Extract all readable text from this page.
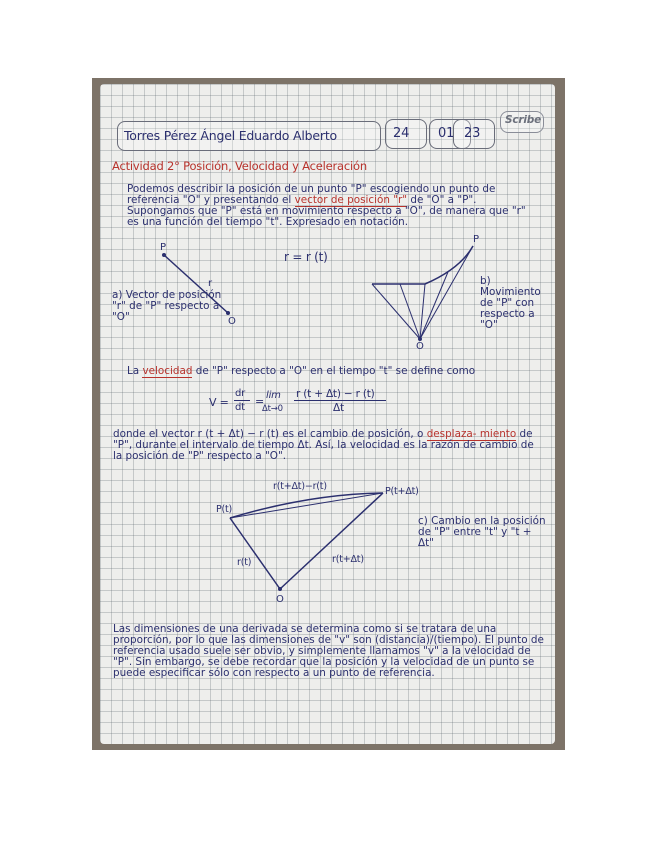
Torres Pérez Ángel Eduardo Alberto	24 01 23
Scribe
Actividad 2° Posición, Velocidad y Aceleración
Podemos describir la posición de un punto "P" escogiendo un punto de referencia "O" y presentando el vector de posición "r" de "O" a "P". Supongamos que "P" está en movimiento respecto a "O", de manera que "r" es una función del tiempo "t". Expresado en notación.
P
r
O
a) Vector de posición "r" de "P" respecto a "O"
r = r (t)
P
O
b) Movimiento de "P" con respecto a "O"
La velocidad de "P" respecto a "O" en el tiempo "t" se define como
V =
dr
dt = lim
Δt→0
r (t + Δt) − r (t)
Δt
donde el vector r (t + Δt) − r (t) es el cambio de posición, o desplaza- miento de "P", durante el intervalo de tiempo Δt. Así, la velocidad es la razón de cambio de la posición de "P" respecto a "O".
r(t+Δt)−r(t)
P(t)
P(t+Δt)
r(t)	r(t+Δt)
O
c) Cambio en la posición de "P" entre "t" y "t + Δt"
Las dimensiones de una derivada se determina como si se tratara de una proporción, por lo que las dimensiones de "v" son (distancia)/(tiempo). El punto de referencia usado suele ser obvio, y simplemente llamamos "v" a la velocidad de "P". Sin embargo, se debe recordar que la posición y la velocidad de un punto se puede especificar sólo con respecto a un punto de referencia.
